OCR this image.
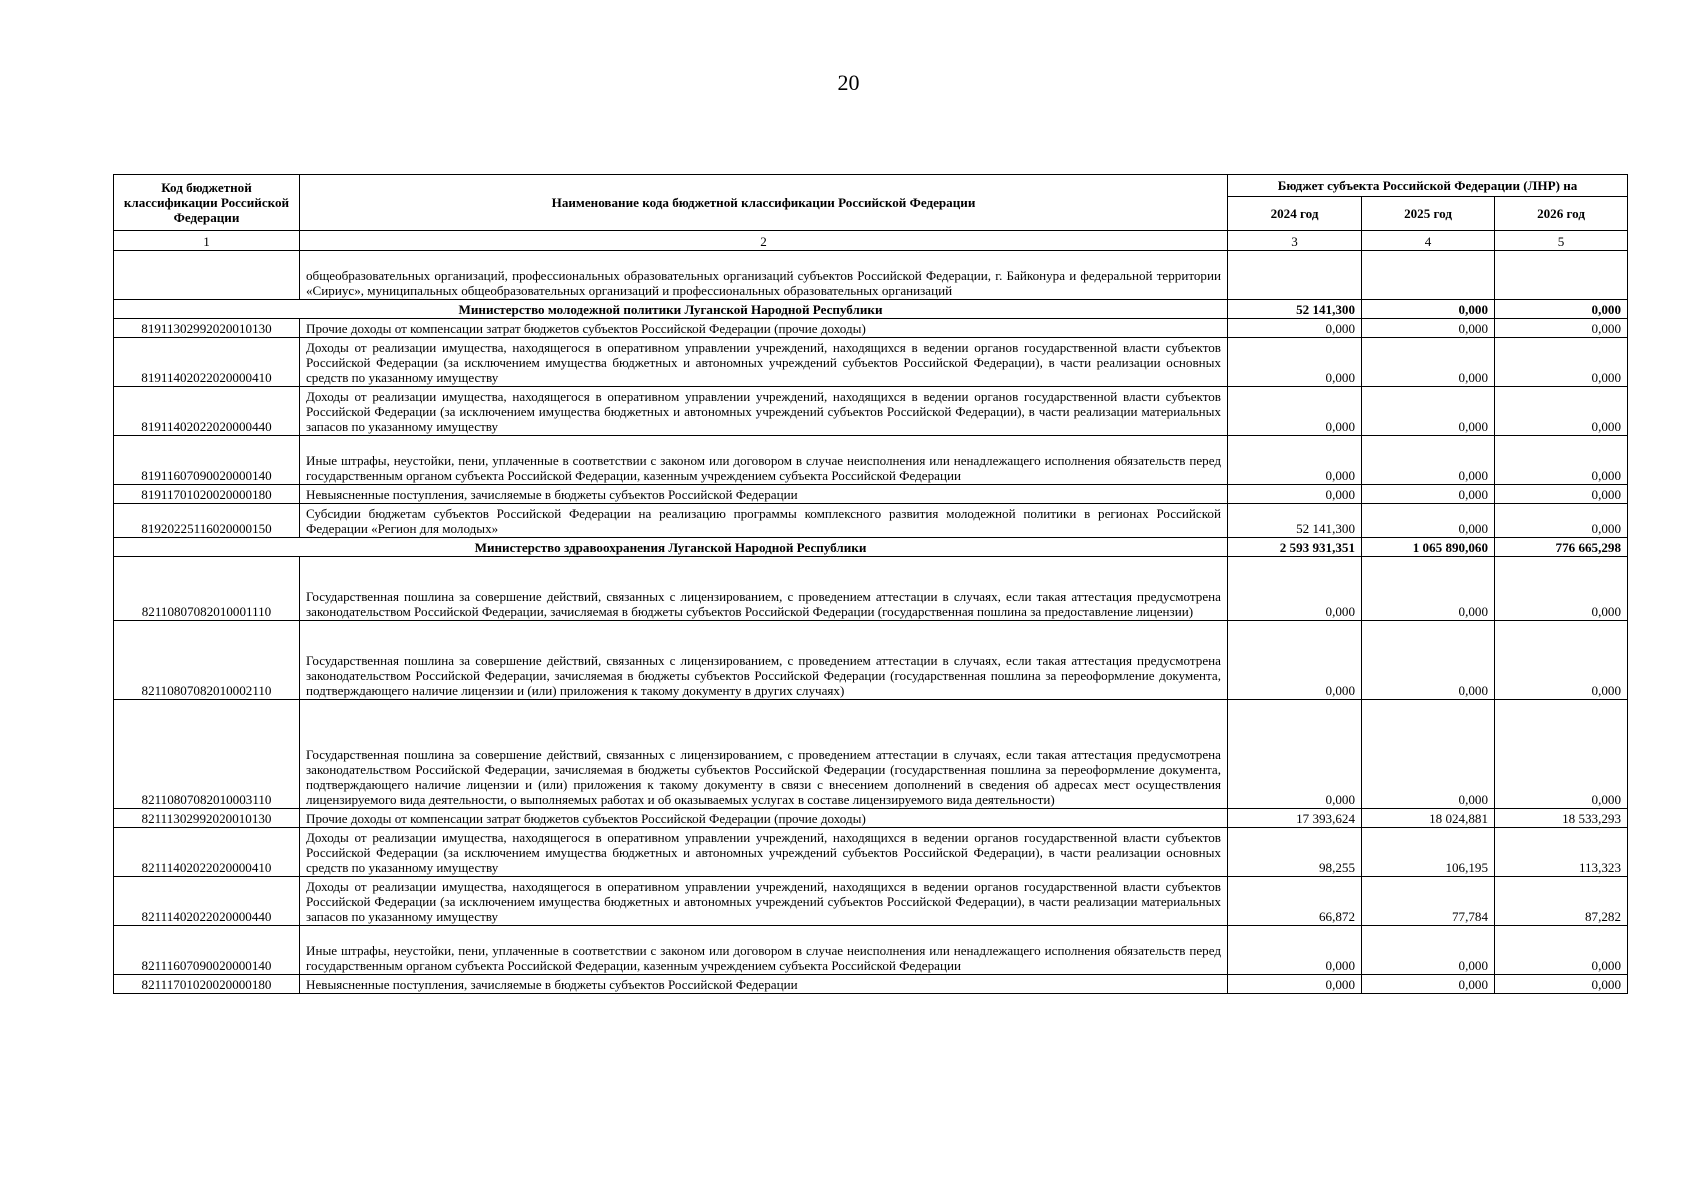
20
Код бюджетной классификации Российской Федерации	Наименование кода бюджетной классификации Российской Федерации	Бюджет субъекта Российской Федерации (ЛНР) на		
		2024 год	2025 год	2026 год
1	2	3	4	5
	общеобразовательных организаций, профессиональных образовательных организаций субъектов Российской Федерации, г. Байконура и федеральной территории «Сириус», муниципальных общеобразовательных организаций и профессиональных образовательных организаций			
Министерство молодежной политики Луганской Народной Республики		52 141,300	0,000	0,000
81911302992020010130	Прочие доходы от компенсации затрат бюджетов субъектов Российской Федерации (прочие доходы)	0,000	0,000	0,000
81911402022020000410	Доходы от реализации имущества, находящегося в оперативном управлении учреждений, находящихся в ведении органов государственной власти субъектов Российской Федерации (за исключением имущества бюджетных и автономных учреждений субъектов Российской Федерации), в части реализации основных средств по указанному имуществу	0,000	0,000	0,000
81911402022020000440	Доходы от реализации имущества, находящегося в оперативном управлении учреждений, находящихся в ведении органов государственной власти субъектов Российской Федерации (за исключением имущества бюджетных и автономных учреждений субъектов Российской Федерации), в части реализации материальных запасов по указанному имуществу	0,000	0,000	0,000
81911607090020000140	Иные штрафы, неустойки, пени, уплаченные в соответствии с законом или договором в случае неисполнения или ненадлежащего исполнения обязательств перед государственным органом субъекта Российской Федерации, казенным учреждением субъекта Российской Федерации	0,000	0,000	0,000
81911701020020000180	Невыясненные поступления, зачисляемые в бюджеты субъектов Российской Федерации	0,000	0,000	0,000
81920225116020000150	Субсидии бюджетам субъектов Российской Федерации на реализацию программы комплексного развития молодежной политики в регионах Российской Федерации «Регион для молодых»	52 141,300	0,000	0,000
Министерство здравоохранения Луганской Народной Республики		2 593 931,351	1 065 890,060	776 665,298
82110807082010001110	Государственная пошлина за совершение действий, связанных с лицензированием, с проведением аттестации в случаях, если такая аттестация предусмотрена законодательством Российской Федерации, зачисляемая в бюджеты субъектов Российской Федерации (государственная пошлина за предоставление лицензии)	0,000	0,000	0,000
82110807082010002110	Государственная пошлина за совершение действий, связанных с лицензированием, с проведением аттестации в случаях, если такая аттестация предусмотрена законодательством Российской Федерации, зачисляемая в бюджеты субъектов Российской Федерации (государственная пошлина за переоформление документа, подтверждающего наличие лицензии и (или) приложения к такому документу в других случаях)	0,000	0,000	0,000
82110807082010003110	Государственная пошлина за совершение действий, связанных с лицензированием, с проведением аттестации в случаях, если такая аттестация предусмотрена законодательством Российской Федерации, зачисляемая в бюджеты субъектов Российской Федерации (государственная пошлина за переоформление документа, подтверждающего наличие лицензии и (или) приложения к такому документу в связи с внесением дополнений в сведения об адресах мест осуществления лицензируемого вида деятельности, о выполняемых работах и об оказываемых услугах в составе лицензируемого вида деятельности)	0,000	0,000	0,000
82111302992020010130	Прочие доходы от компенсации затрат бюджетов субъектов Российской Федерации (прочие доходы)	17 393,624	18 024,881	18 533,293
82111402022020000410	Доходы от реализации имущества, находящегося в оперативном управлении учреждений, находящихся в ведении органов государственной власти субъектов Российской Федерации (за исключением имущества бюджетных и автономных учреждений субъектов Российской Федерации), в части реализации основных средств по указанному имуществу	98,255	106,195	113,323
82111402022020000440	Доходы от реализации имущества, находящегося в оперативном управлении учреждений, находящихся в ведении органов государственной власти субъектов Российской Федерации (за исключением имущества бюджетных и автономных учреждений субъектов Российской Федерации), в части реализации материальных запасов по указанному имуществу	66,872	77,784	87,282
82111607090020000140	Иные штрафы, неустойки, пени, уплаченные в соответствии с законом или договором в случае неисполнения или ненадлежащего исполнения обязательств перед государственным органом субъекта Российской Федерации, казенным учреждением субъекта Российской Федерации	0,000	0,000	0,000
82111701020020000180	Невыясненные поступления, зачисляемые в бюджеты субъектов Российской Федерации	0,000	0,000	0,000
